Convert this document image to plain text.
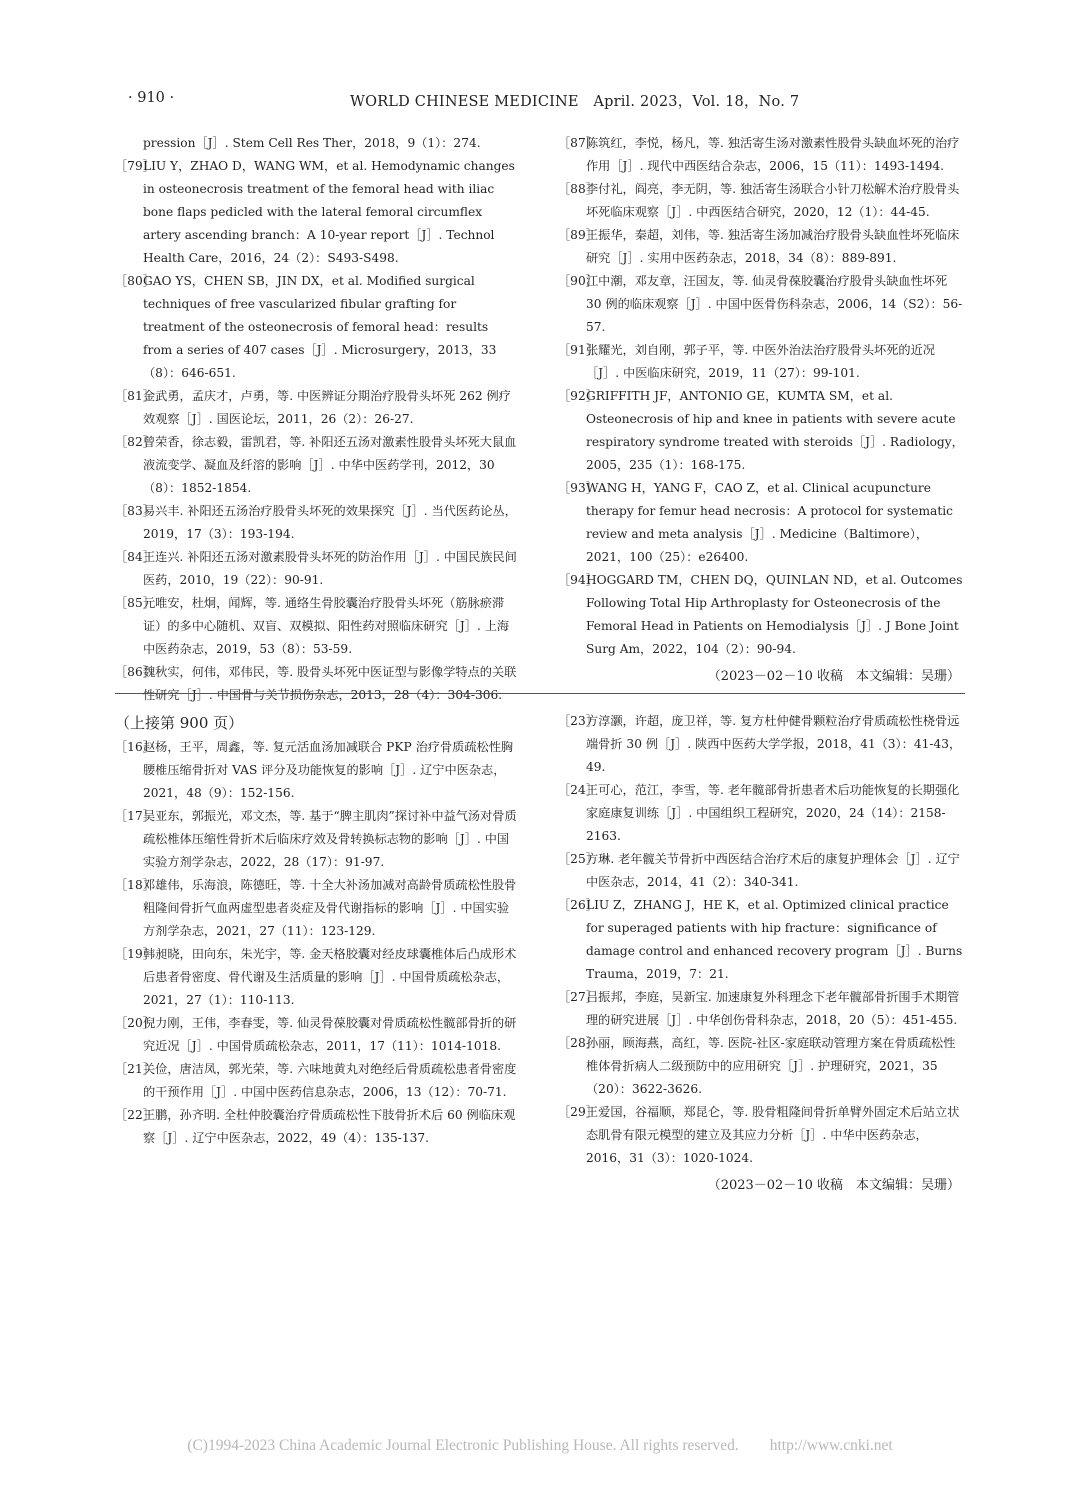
· 910 ·	WORLD CHINESE MEDICINE　April. 2023，Vol. 18，No. 7
pression［J］. Stem Cell Res Ther，2018，9（1）：274.
［79］
LIU Y，ZHAO D，WANG WM，et al. Hemodynamic changes in osteonecrosis treatment of the femoral head with iliac bone flaps pedicled with the lateral femoral circumflex artery ascending branch：A 10-year report［J］. Technol Health Care，2016，24（2）：S493-S498.
［80］
GAO YS，CHEN SB，JIN DX，et al. Modified surgical techniques of free vascularized fibular grafting for treatment of the osteonecrosis of femoral head：results from a series of 407 cases［J］. Microsurgery，2013，33（8）：646-651.
［81］
金武勇，孟庆才，卢勇，等. 中医辨证分期治疗股骨头坏死 262 例疗效观察［J］. 国医论坛，2011，26（2）：26-27.
［82］
曾荣香，徐志毅，雷凯君，等. 补阳还五汤对激素性股骨头坏死大鼠血液流变学、凝血及纤溶的影响［J］. 中华中医药学刊，2012，30（8）：1852-1854.
［83］
易兴丰. 补阳还五汤治疗股骨头坏死的效果探究［J］. 当代医药论丛，2019，17（3）：193-194.
［84］
王连兴. 补阳还五汤对激素股骨头坏死的防治作用［J］. 中国民族民间医药，2010，19（22）：90-91.
［85］
元唯安，杜炯，闻辉，等. 通络生骨胶囊治疗股骨头坏死（筋脉瘀滞证）的多中心随机、双盲、双模拟、阳性药对照临床研究［J］. 上海中医药杂志，2019，53（8）：53-59.
［86］
魏秋实，何伟，邓伟民，等. 股骨头坏死中医证型与影像学特点的关联性研究［J］. 中国骨与关节损伤杂志，2013，28（4）：304-306.
［87］
陈筑红，李悦，杨凡，等. 独活寄生汤对激素性股骨头缺血坏死的治疗作用［J］. 现代中西医结合杂志，2006，15（11）：1493-1494.
［88］
李付礼，阎亮，李无阴，等. 独活寄生汤联合小针刀松解术治疗股骨头坏死临床观察［J］. 中西医结合研究，2020，12（1）：44-45.
［89］
王振华，秦超，刘伟，等. 独活寄生汤加减治疗股骨头缺血性坏死临床研究［J］. 实用中医药杂志，2018，34（8）：889-891.
［90］
江中潮，邓友章，汪国友，等. 仙灵骨葆胶囊治疗股骨头缺血性坏死 30 例的临床观察［J］. 中国中医骨伤科杂志，2006，14（S2）：56-57.
［91］
张耀光，刘自刚，郭子平，等. 中医外治法治疗股骨头坏死的近况［J］. 中医临床研究，2019，11（27）：99-101.
［92］
GRIFFITH JF，ANTONIO GE，KUMTA SM，et al. Osteonecrosis of hip and knee in patients with severe acute respiratory syndrome treated with steroids［J］. Radiology，2005，235（1）：168-175.
［93］
WANG H，YANG F，CAO Z，et al. Clinical acupuncture therapy for femur head necrosis：A protocol for systematic review and meta analysis［J］. Medicine（Baltimore），2021，100（25）：e26400.
［94］
HOGGARD TM，CHEN DQ，QUINLAN ND，et al. Outcomes Following Total Hip Arthroplasty for Osteonecrosis of the Femoral Head in Patients on Hemodialysis［J］. J Bone Joint Surg Am，2022，104（2）：90-94.
（2023－02－10 收稿　本文编辑：吴珊）
（上接第 900 页）
［16］
赵杨，王平，周鑫，等. 复元活血汤加减联合 PKP 治疗骨质疏松性胸腰椎压缩骨折对 VAS 评分及功能恢复的影响［J］. 辽宁中医杂志，2021，48（9）：152-156.
［17］
吴亚东，郭振光，邓文杰，等. 基于“脾主肌肉”探讨补中益气汤对骨质疏松椎体压缩性骨折术后临床疗效及骨转换标志物的影响［J］. 中国实验方剂学杂志，2022，28（17）：91-97.
［18］
邓雄伟，乐海浪，陈德旺，等. 十全大补汤加减对高龄骨质疏松性股骨粗隆间骨折气血两虚型患者炎症及骨代谢指标的影响［J］. 中国实验方剂学杂志，2021，27（11）：123-129.
［19］
韩昶晓，田向东，朱光宇，等. 金天格胶囊对经皮球囊椎体后凸成形术后患者骨密度、骨代谢及生活质量的影响［J］. 中国骨质疏松杂志，2021，27（1）：110-113.
［20］
倪力刚，王伟，李春雯，等. 仙灵骨葆胶囊对骨质疏松性髋部骨折的研究近况［J］. 中国骨质疏松杂志，2011，17（11）：1014-1018.
［21］
关俭，唐洁凤，郭光荣，等. 六味地黄丸对绝经后骨质疏松患者骨密度的干预作用［J］. 中国中医药信息杂志，2006，13（12）：70-71.
［22］
王鹏，孙齐明. 全杜仲胶囊治疗骨质疏松性下肢骨折术后 60 例临床观察［J］. 辽宁中医杂志，2022，49（4）：135-137.
［23］
方淳灏，许超，庞卫祥，等. 复方杜仲健骨颗粒治疗骨质疏松性桡骨远端骨折 30 例［J］. 陕西中医药大学学报，2018，41（3）：41-43，49.
［24］
王可心，范江，李雪，等. 老年髋部骨折患者术后功能恢复的长期强化家庭康复训练［J］. 中国组织工程研究，2020，24（14）：2158-2163.
［25］
方琳. 老年髋关节骨折中西医结合治疗术后的康复护理体会［J］. 辽宁中医杂志，2014，41（2）：340-341.
［26］
LIU Z，ZHANG J，HE K，et al. Optimized clinical practice for superaged patients with hip fracture：significance of damage control and enhanced recovery program［J］. Burns Trauma，2019，7：21.
［27］
吕振邦，李庭，吴新宝. 加速康复外科理念下老年髋部骨折围手术期管理的研究进展［J］. 中华创伤骨科杂志，2018，20（5）：451-455.
［28］
孙丽，顾海燕，高红，等. 医院-社区-家庭联动管理方案在骨质疏松性椎体骨折病人二级预防中的应用研究［J］. 护理研究，2021，35（20）：3622-3626.
［29］
王爱国，谷福顺，郑昆仑，等. 股骨粗隆间骨折单臂外固定术后站立状态肌骨有限元模型的建立及其应力分析［J］. 中华中医药杂志，2016，31（3）：1020-1024.
（2023－02－10 收稿　本文编辑：吴珊）
(C)1994-2023 China Academic Journal Electronic Publishing House. All rights reserved.　　http://www.cnki.net
